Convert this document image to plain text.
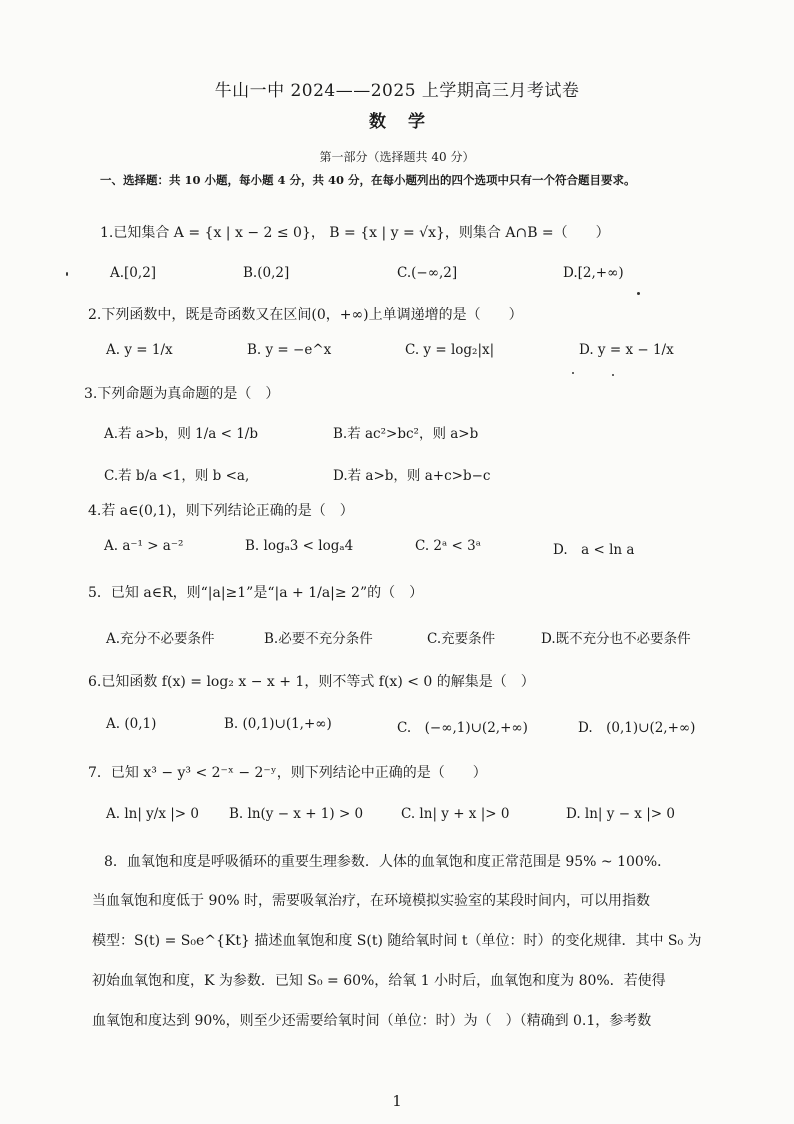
牛山一中 2024——2025 上学期高三月考试卷
数学
第一部分（选择题共 40 分）
一、选择题：共 10 小题，每小题 4 分，共 40 分，在每小题列出的四个选项中只有一个符合题目要求。
1.已知集合 A = {x | x − 2 ≤ 0}， B = {x | y = √x}，则集合 A∩B =（　　）
A.[0,2]	B.(0,2]	C.(−∞,2]	D.[2,+∞)
2.下列函数中，既是奇函数又在区间(0，+∞)上单调递增的是（　　）
A. y = 1/x	B. y = −e^x	C. y = log₂|x|	D. y = x − 1/x
3.下列命题为真命题的是（　）
A.若 a>b，则 1/a < 1/b	B.若 ac²>bc²，则 a>b
C.若 b/a <1，则 b <a,	D.若 a>b，则 a+c>b−c
4.若 a∈(0,1)，则下列结论正确的是（　）
A. a⁻¹ > a⁻²	B. logₐ3 < logₐ4	C. 2ᵃ < 3ᵃ	D.　a < ln a
5．已知 a∈R，则“|a|≥1”是“|a + 1/a|≥ 2”的（　）
A.充分不必要条件	B.必要不充分条件	C.充要条件	D.既不充分也不必要条件
6.已知函数 f(x) = log₂ x − x + 1，则不等式 f(x) < 0 的解集是（　）
A. (0,1)	B. (0,1)∪(1,+∞)	C.　(−∞,1)∪(2,+∞)	D.　(0,1)∪(2,+∞)
7．已知 x³ − y³ < 2⁻ˣ − 2⁻ʸ，则下列结论中正确的是（　　）
A. ln| y/x |> 0 B. ln(y − x + 1) > 0	C. ln| y + x |> 0	D. ln| y − x |> 0
8．血氧饱和度是呼吸循环的重要生理参数．人体的血氧饱和度正常范围是 95% ~ 100%．
当血氧饱和度低于 90% 时，需要吸氧治疗，在环境模拟实验室的某段时间内，可以用指数
模型：S(t) = S₀e^{Kt} 描述血氧饱和度 S(t) 随给氧时间 t（单位：时）的变化规律．其中 S₀ 为
初始血氧饱和度，K 为参数．已知 S₀ = 60%，给氧 1 小时后，血氧饱和度为 80%．若使得
血氧饱和度达到 90%，则至少还需要给氧时间（单位：时）为（　）（精确到 0.1，参考数
1
